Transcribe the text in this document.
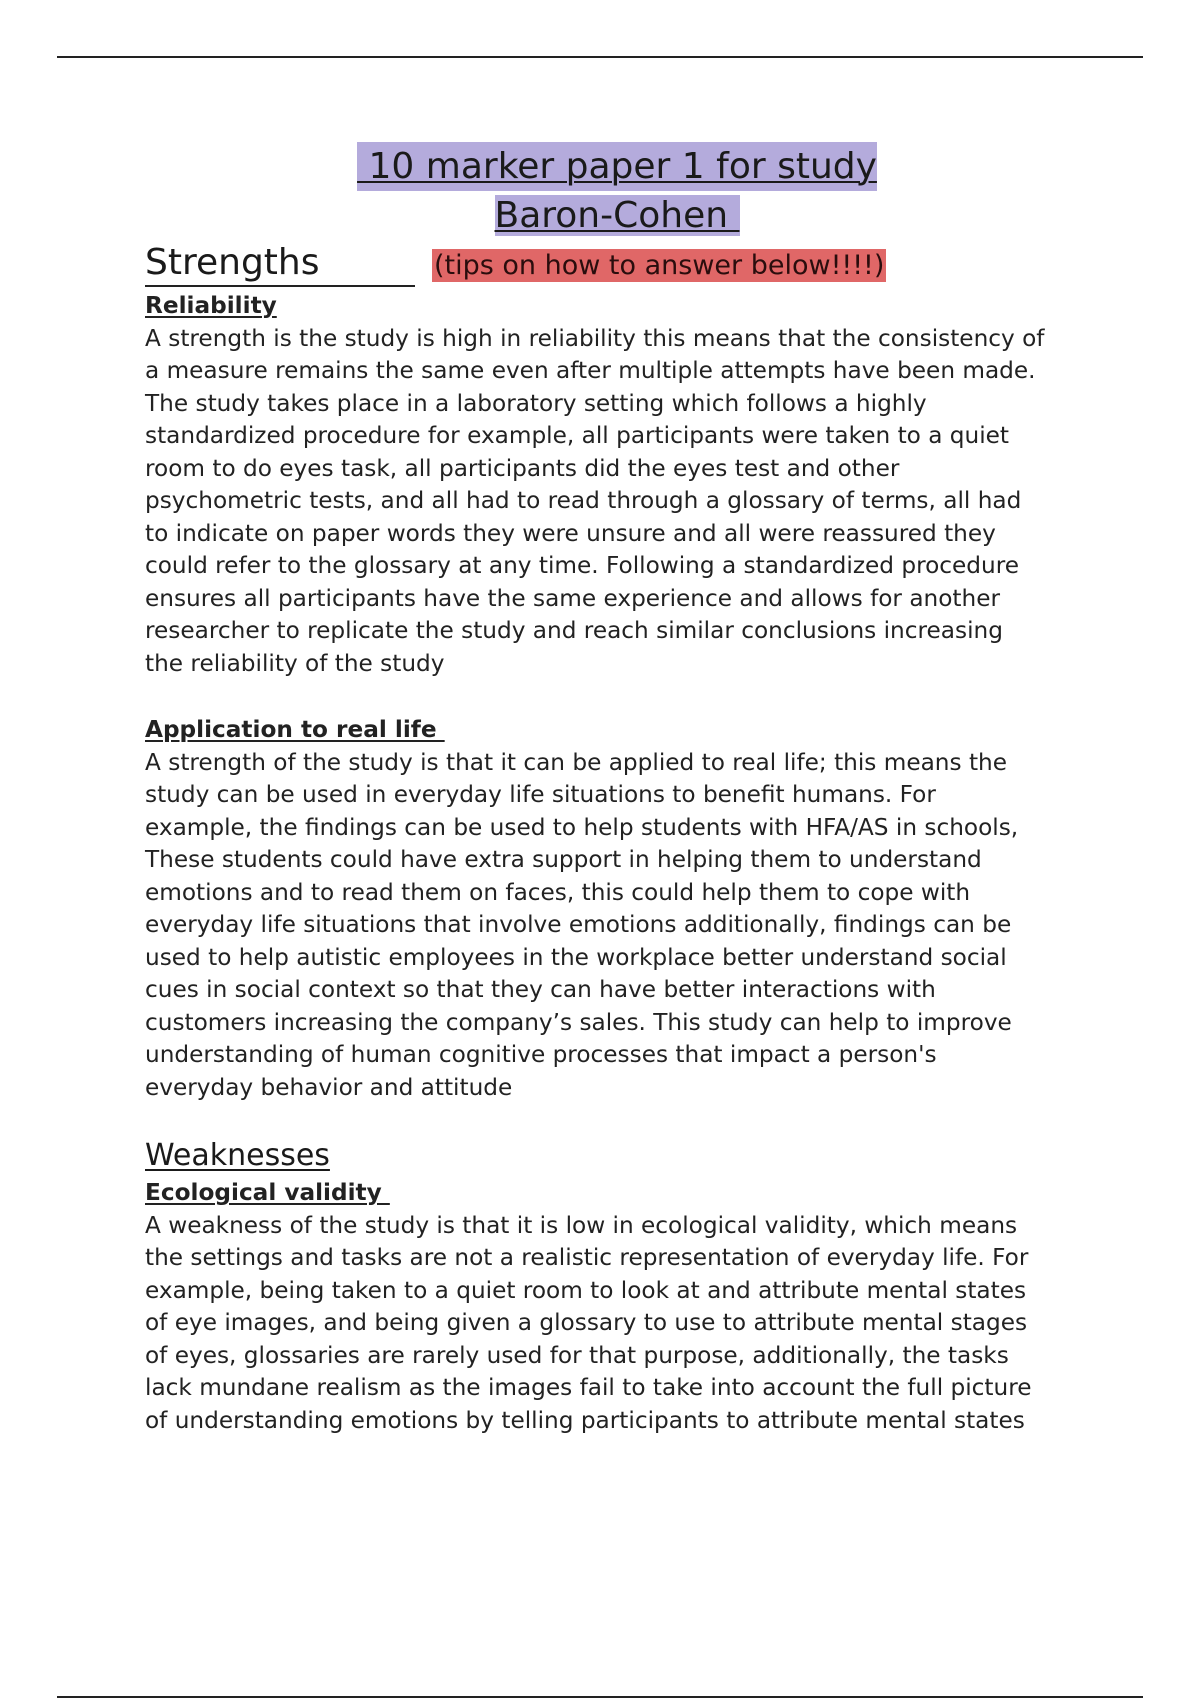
10 marker paper 1 for study
Baron-Cohen
Strengths	(tips on how to answer below!!!!)
Reliability
A strength is the study is high in reliability this means that the consistency of
a measure remains the same even after multiple attempts have been made.
The study takes place in a laboratory setting which follows a highly
standardized procedure for example, all participants were taken to a quiet
room to do eyes task, all participants did the eyes test and other
psychometric tests, and all had to read through a glossary of terms, all had
to indicate on paper words they were unsure and all were reassured they
could refer to the glossary at any time. Following a standardized procedure
ensures all participants have the same experience and allows for another
researcher to replicate the study and reach similar conclusions increasing
the reliability of the study
Application to real life
A strength of the study is that it can be applied to real life; this means the
study can be used in everyday life situations to benefit humans. For
example, the findings can be used to help students with HFA/AS in schools,
These students could have extra support in helping them to understand
emotions and to read them on faces, this could help them to cope with
everyday life situations that involve emotions additionally, findings can be
used to help autistic employees in the workplace better understand social
cues in social context so that they can have better interactions with
customers increasing the company’s sales. This study can help to improve
understanding of human cognitive processes that impact a person's
everyday behavior and attitude
Weaknesses
Ecological validity
A weakness of the study is that it is low in ecological validity, which means
the settings and tasks are not a realistic representation of everyday life. For
example, being taken to a quiet room to look at and attribute mental states
of eye images, and being given a glossary to use to attribute mental stages
of eyes, glossaries are rarely used for that purpose, additionally, the tasks
lack mundane realism as the images fail to take into account the full picture
of understanding emotions by telling participants to attribute mental states
